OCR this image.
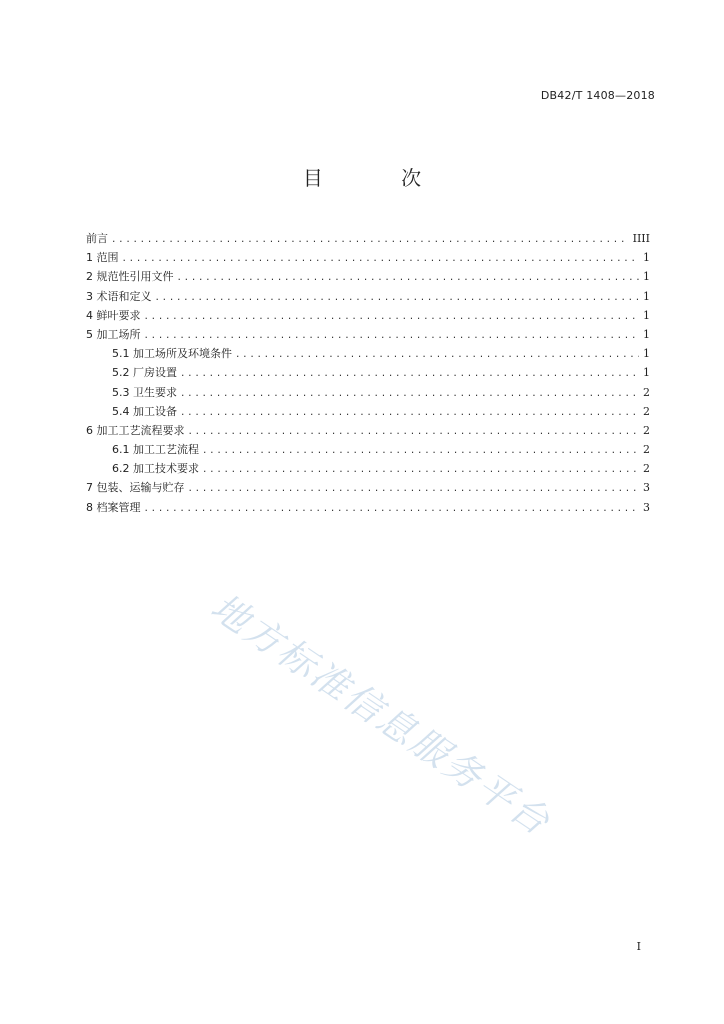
DB42/T 1408—2018
目 次
前言 .....	IIII
1 范围 .....	1
2 规范性引用文件 .....	1
3 术语和定义 .....	1
4 鲜叶要求 .....	1
5 加工场所 .....	1
5.1 加工场所及环境条件 .....	1
5.2 厂房设置 .....	1
5.3 卫生要求 .....	2
5.4 加工设备 .....	2
6 加工工艺流程要求 .....	2
6.1 加工工艺流程 .....	2
6.2 加工技术要求 .....	2
7 包装、运输与贮存 .....	3
8 档案管理 .....	3
地方标准信息服务平台
I
